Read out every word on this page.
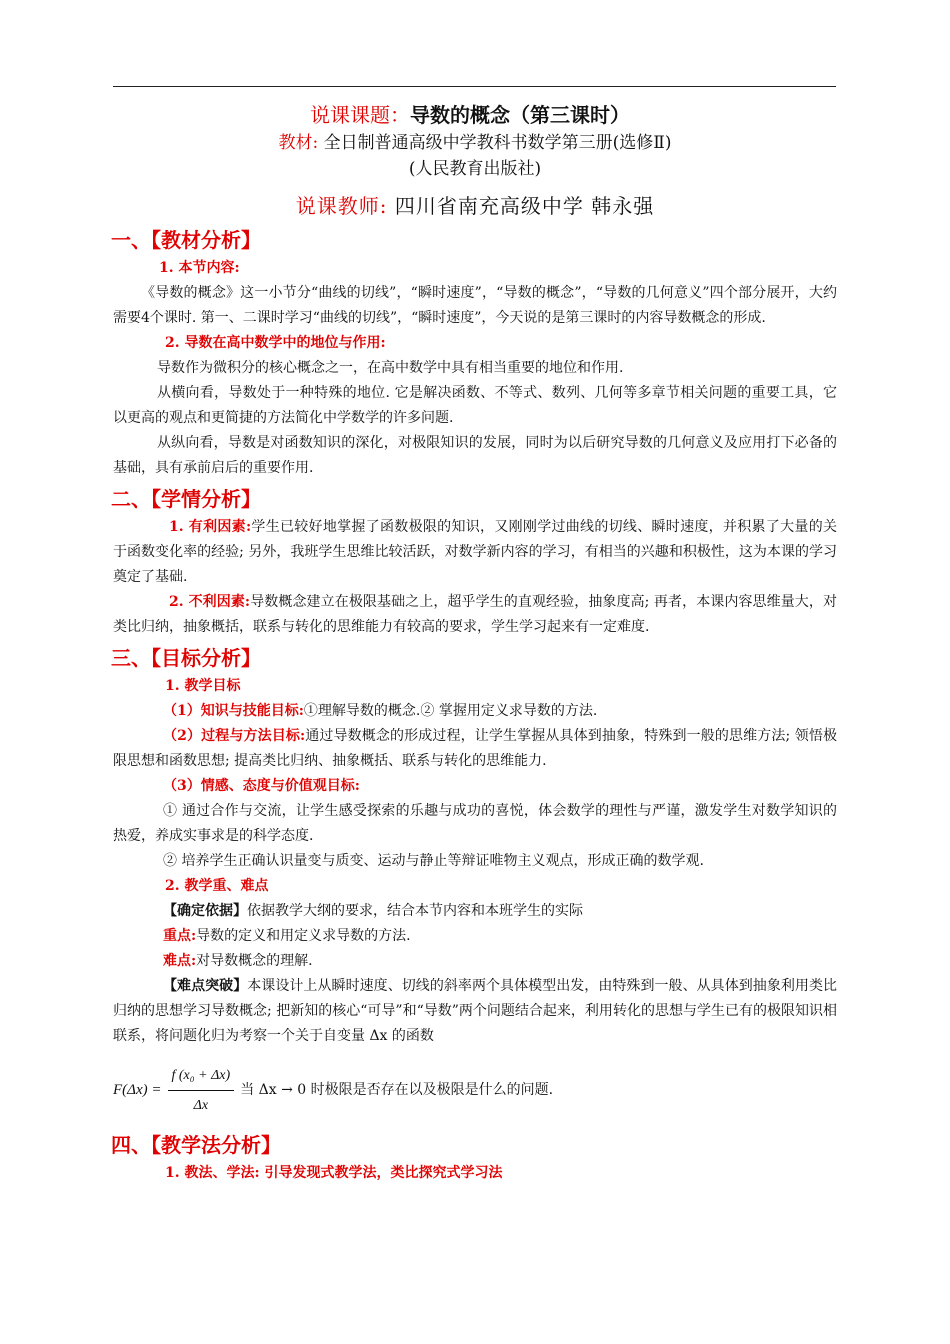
说课课题：导数的概念（第三课时）
教材: 全日制普通高级中学教科书数学第三册(选修Ⅱ)
(人民教育出版社)
说课教师: 四川省南充高级中学 韩永强
一、【教材分析】
1. 本节内容:
《导数的概念》这一小节分“曲线的切线”，“瞬时速度”，“导数的概念”，“导数的几何意义”四个部分展开，大约需要4个课时. 第一、二课时学习“曲线的切线”，“瞬时速度”，今天说的是第三课时的内容导数概念的形成.
2. 导数在高中数学中的地位与作用:
导数作为微积分的核心概念之一，在高中数学中具有相当重要的地位和作用.
从横向看，导数处于一种特殊的地位. 它是解决函数、不等式、数列、几何等多章节相关问题的重要工具，它以更高的观点和更简捷的方法简化中学数学的许多问题.
从纵向看，导数是对函数知识的深化，对极限知识的发展，同时为以后研究导数的几何意义及应用打下必备的基础，具有承前启后的重要作用.
二、【学情分析】
1. 有利因素:学生已较好地掌握了函数极限的知识，又刚刚学过曲线的切线、瞬时速度，并积累了大量的关于函数变化率的经验; 另外，我班学生思维比较活跃，对数学新内容的学习，有相当的兴趣和积极性，这为本课的学习奠定了基础.
2. 不利因素:导数概念建立在极限基础之上，超乎学生的直观经验，抽象度高; 再者，本课内容思维量大，对类比归纳，抽象概括，联系与转化的思维能力有较高的要求，学生学习起来有一定难度.
三、【目标分析】
1. 教学目标
（1）知识与技能目标:①理解导数的概念.② 掌握用定义求导数的方法.
（2）过程与方法目标:通过导数概念的形成过程，让学生掌握从具体到抽象，特殊到一般的思维方法; 领悟极限思想和函数思想; 提高类比归纳、抽象概括、联系与转化的思维能力.
（3）情感、态度与价值观目标:
① 通过合作与交流，让学生感受探索的乐趣与成功的喜悦，体会数学的理性与严谨，激发学生对数学知识的热爱，养成实事求是的科学态度.
② 培养学生正确认识量变与质变、运动与静止等辩证唯物主义观点，形成正确的数学观.
2. 教学重、难点
【确定依据】依据教学大纲的要求，结合本节内容和本班学生的实际
重点:导数的定义和用定义求导数的方法.
难点:对导数概念的理解.
【难点突破】本课设计上从瞬时速度、切线的斜率两个具体模型出发，由特殊到一般、从具体到抽象利用类比归纳的思想学习导数概念; 把新知的核心“可导”和“导数”两个问题结合起来，利用转化的思想与学生已有的极限知识相联系，将问题化归为考察一个关于自变量 Δx 的函数
$F(\Delta x) = \frac{\text{f (x₀ + Δx)}}{\Delta x}$ 当 Δx → 0 时极限是否存在以及极限是什么的问题.
四、【教学法分析】
1. 教法、学法: 引导发现式教学法，类比探究式学习法
